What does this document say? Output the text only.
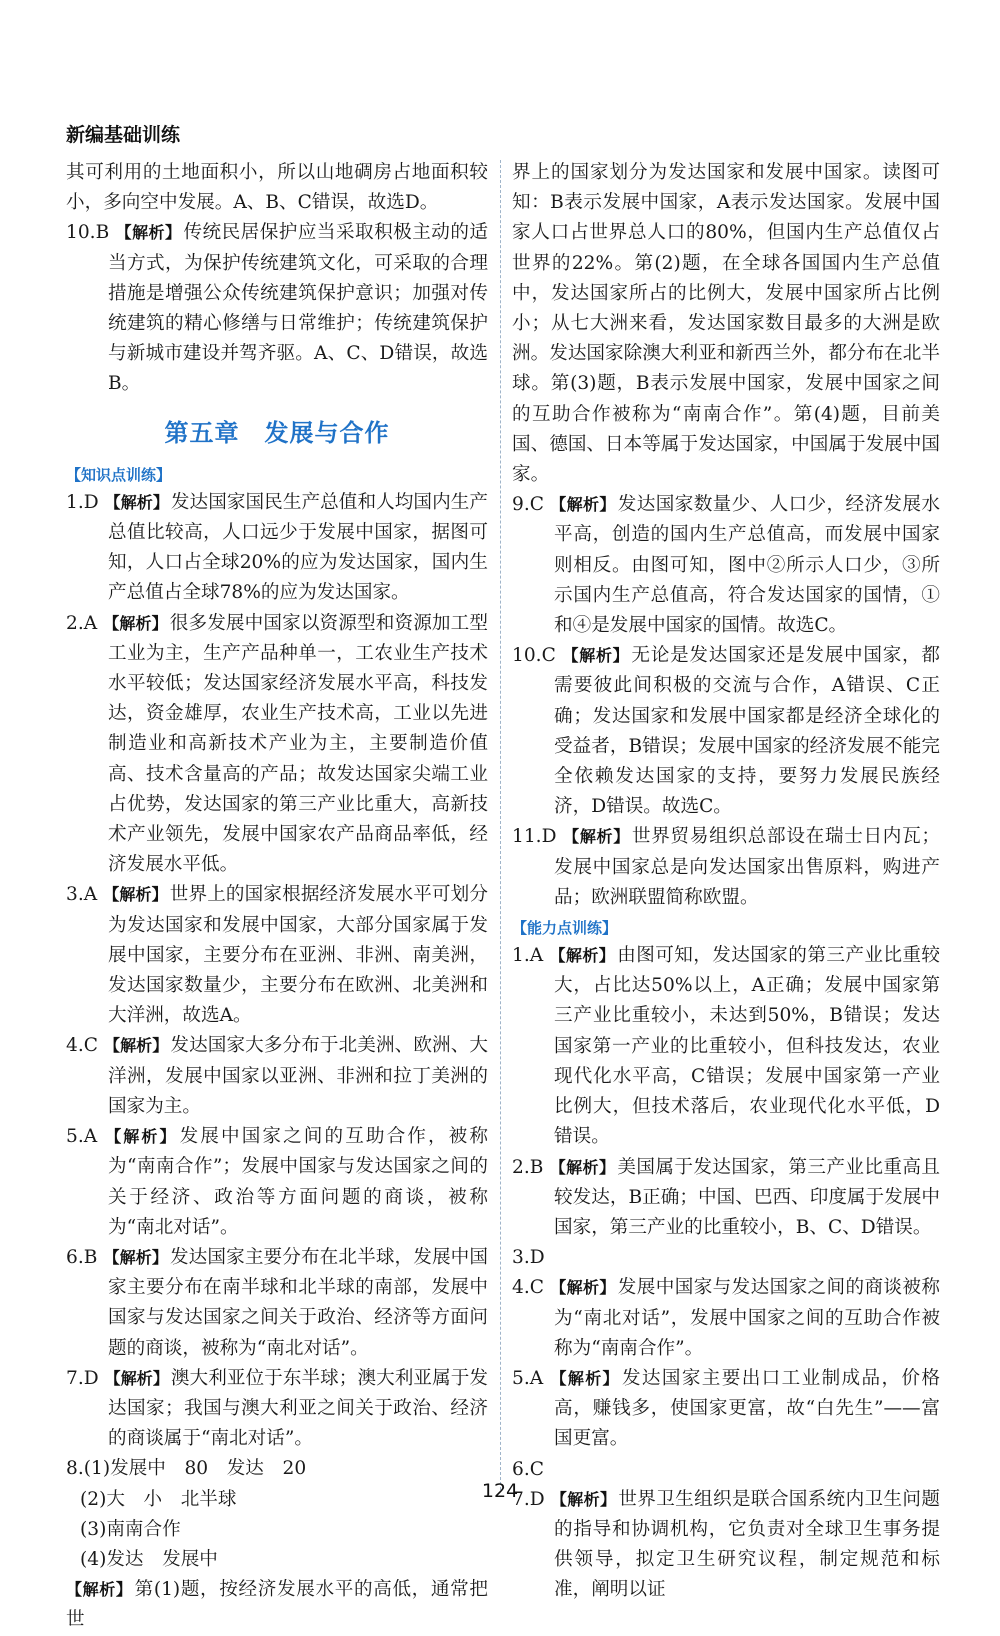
新编基础训练

其可利用的土地面积小，所以山地碉房占地面积较小，多向空中发展。A、B、C错误，故选D。

10.B 【解析】 传统民居保护应当采取积极主动的适当方式，为保护传统建筑文化，可采取的合理措施是增强公众传统建筑保护意识；加强对传统建筑的精心修缮与日常维护；传统建筑保护与新城市建设并驾齐驱。A、C、D错误，故选B。

第五章　发展与合作
【知识点训练】

1.D 【解析】 发达国家国民生产总值和人均国内生产总值比较高，人口远少于发展中国家，据图可知，人口占全球20%的应为发达国家，国内生产总值占全球78%的应为发达国家。

2.A 【解析】 很多发展中国家以资源型和资源加工型工业为主，生产产品种单一，工农业生产技术水平较低；发达国家经济发展水平高，科技发达，资金雄厚，农业生产技术高，工业以先进制造业和高新技术产业为主，主要制造价值高、技术含量高的产品；故发达国家尖端工业占优势，发达国家的第三产业比重大，高新技术产业领先，发展中国家农产品商品率低，经济发展水平低。

3.A 【解析】 世界上的国家根据经济发展水平可划分为发达国家和发展中国家，大部分国家属于发展中国家，主要分布在亚洲、非洲、南美洲，发达国家数量少，主要分布在欧洲、北美洲和大洋洲，故选A。

4.C 【解析】 发达国家大多分布于北美洲、欧洲、大洋洲，发展中国家以亚洲、非洲和拉丁美洲的国家为主。

5.A 【解析】 发展中国家之间的互助合作，被称为“南南合作”；发展中国家与发达国家之间的关于经济、政治等方面问题的商谈，被称为“南北对话”。

6.B 【解析】 发达国家主要分布在北半球，发展中国家主要分布在南半球和北半球的南部，发展中国家与发达国家之间关于政治、经济等方面问题的商谈，被称为“南北对话”。

7.D 【解析】 澳大利亚位于东半球；澳大利亚属于发达国家；我国与澳大利亚之间关于政治、经济的商谈属于“南北对话”。

8.(1)发展中　80　发达　20

(2)大　小　北半球

(3)南南合作

(4)发达　发展中

【解析】 第(1)题，按经济发展水平的高低，通常把世

界上的国家划分为发达国家和发展中国家。读图可知：B表示发展中国家，A表示发达国家。发展中国家人口占世界总人口的80%，但国内生产总值仅占世界的22%。第(2)题，在全球各国国内生产总值中，发达国家所占的比例大，发展中国家所占比例小；从七大洲来看，发达国家数目最多的大洲是欧洲。发达国家除澳大利亚和新西兰外，都分布在北半球。第(3)题，B表示发展中国家，发展中国家之间的互助合作被称为“南南合作”。第(4)题，目前美国、德国、日本等属于发达国家，中国属于发展中国家。

9.C 【解析】 发达国家数量少、人口少，经济发展水平高，创造的国内生产总值高，而发展中国家则相反。由图可知，图中②所示人口少，③所示国内生产总值高，符合发达国家的国情，①和④是发展中国家的国情。故选C。

10.C 【解析】 无论是发达国家还是发展中国家，都需要彼此间积极的交流与合作，A错误、C正确；发达国家和发展中国家都是经济全球化的受益者，B错误；发展中国家的经济发展不能完全依赖发达国家的支持，要努力发展民族经济，D错误。故选C。

11.D 【解析】 世界贸易组织总部设在瑞士日内瓦；发展中国家总是向发达国家出售原料，购进产品；欧洲联盟简称欧盟。

【能力点训练】

1.A 【解析】 由图可知，发达国家的第三产业比重较大，占比达50%以上，A正确；发展中国家第三产业比重较小，未达到50%，B错误；发达国家第一产业的比重较小，但科技发达，农业现代化水平高，C错误；发展中国家第一产业比例大，但技术落后，农业现代化水平低，D错误。

2.B 【解析】 美国属于发达国家，第三产业比重高且较发达，B正确；中国、巴西、印度属于发展中国家，第三产业的比重较小，B、C、D错误。

3.D

4.C 【解析】 发展中国家与发达国家之间的商谈被称为“南北对话”，发展中国家之间的互助合作被称为“南南合作”。

5.A 【解析】 发达国家主要出口工业制成品，价格高，赚钱多，使国家更富，故“白先生”——富国更富。

6.C

7.D 【解析】 世界卫生组织是联合国系统内卫生问题的指导和协调机构，它负责对全球卫生事务提供领导，拟定卫生研究议程，制定规范和标准，阐明以证

124
